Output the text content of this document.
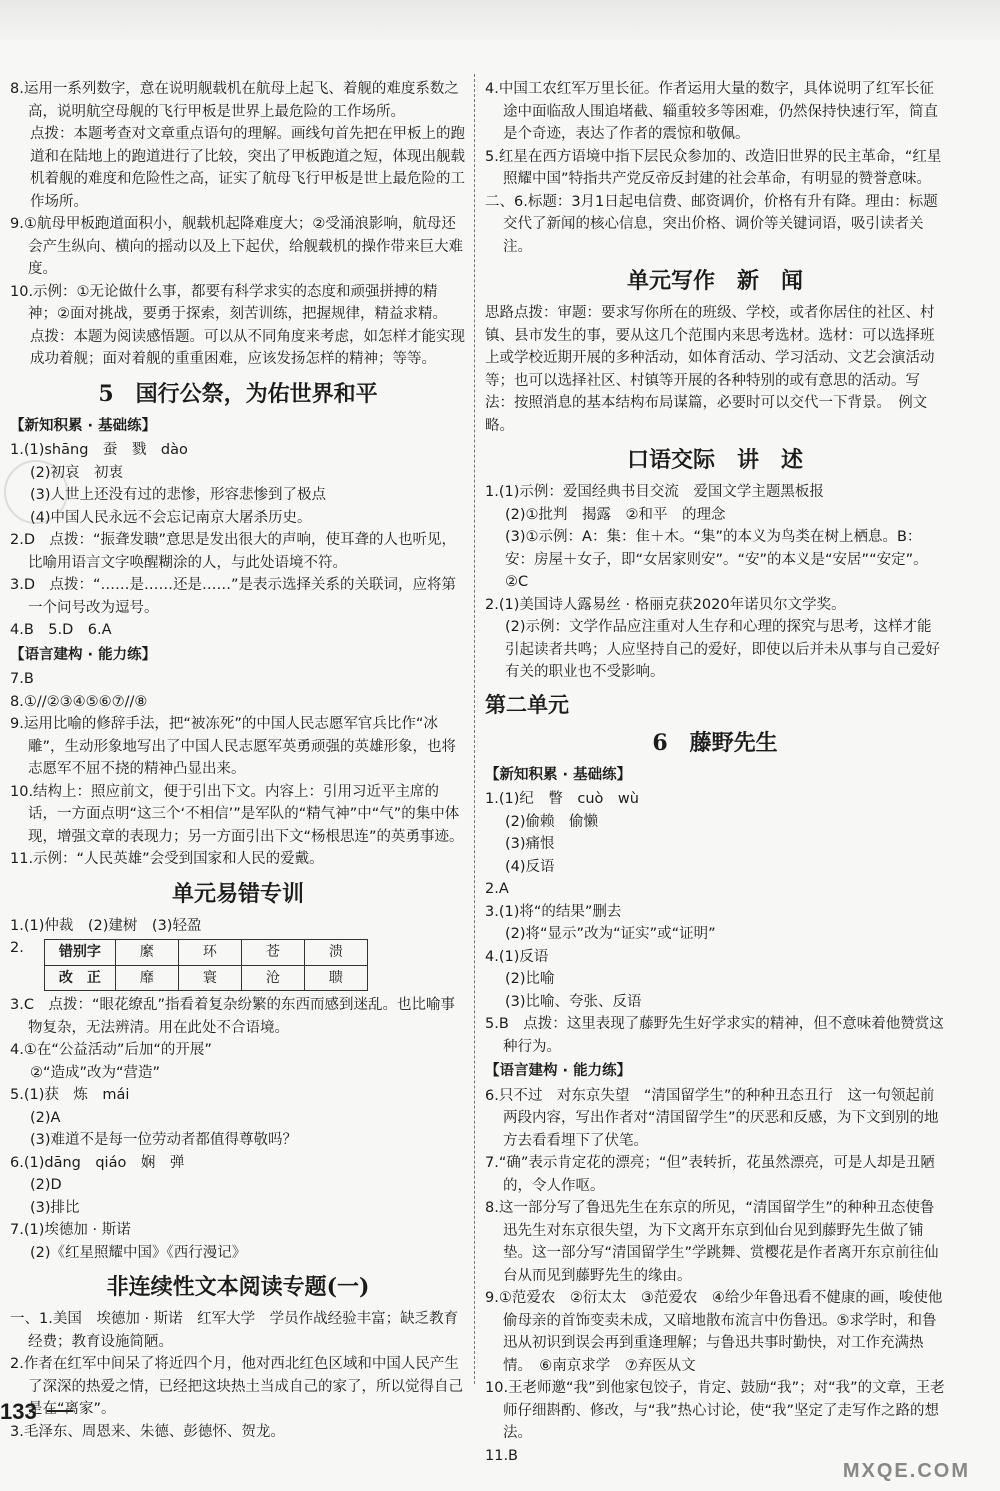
8.运用一系列数字，意在说明舰载机在航母上起飞、着舰的难度系数之高，说明航空母舰的飞行甲板是世界上最危险的工作场所。
点拨：本题考查对文章重点语句的理解。画线句首先把在甲板上的跑道和在陆地上的跑道进行了比较，突出了甲板跑道之短，体现出舰载机着舰的难度和危险性之高，证实了航母飞行甲板是世上最危险的工作场所。
9.①航母甲板跑道面积小，舰载机起降难度大；②受涌浪影响，航母还会产生纵向、横向的摇动以及上下起伏，给舰载机的操作带来巨大难度。
10.示例：①无论做什么事，都要有科学求实的态度和顽强拼搏的精神；②面对挑战，要勇于探索，刻苦训练，把握规律，精益求精。
点拨：本题为阅读感悟题。可以从不同角度来考虑，如怎样才能实现成功着舰；面对着舰的重重困难，应该发扬怎样的精神；等等。
5　国行公祭，为佑世界和平
【新知积累 · 基础练】
1.(1)shāng　蚕　戮　dào
(2)初哀　初衷
(3)人世上还没有过的悲惨，形容悲惨到了极点
(4)中国人民永远不会忘记南京大屠杀历史。
2.D　点拨：“振聋发聩”意思是发出很大的声响，使耳聋的人也听见，比喻用语言文字唤醒糊涂的人，与此处语境不符。
3.D　点拨：“……是……还是……”是表示选择关系的关联词，应将第一个问号改为逗号。
4.B　5.D　6.A
【语言建构 · 能力练】
7.B
8.①//②③④⑤⑥⑦//⑧
9.运用比喻的修辞手法，把“被冻死”的中国人民志愿军官兵比作“冰雕”，生动形象地写出了中国人民志愿军英勇顽强的英雄形象，也将志愿军不屈不挠的精神凸显出来。
10.结构上：照应前文，便于引出下文。内容上：引用习近平主席的话，一方面点明“这三个‘不相信’”是军队的“精气神”中“气”的集中体现，增强文章的表现力；另一方面引出下文“杨根思连”的英勇事迹。
11.示例：“人民英雄”会受到国家和人民的爱戴。
单元易错专训
1.(1)仲裁　(2)建树　(3)轻盈
2.	错别字	縻	环	苍	溃
改　正	靡	寰	沧	聩
3.C　点拨：“眼花缭乱”指看着复杂纷繁的东西而感到迷乱。也比喻事物复杂，无法辨清。用在此处不合语境。
4.①在“公益活动”后加“的开展”
②“造成”改为“营造”
5.(1)获　炼　mái
(2)A
(3)难道不是每一位劳动者都值得尊敬吗？
6.(1)dāng　qiáo　娴　弹
(2)D
(3)排比
7.(1)埃德加 · 斯诺
(2)《红星照耀中国》《西行漫记》
非连续性文本阅读专题(一)
一、1.美国　埃德加 · 斯诺　红军大学　学员作战经验丰富；缺乏教育经费；教育设施简陋。
2.作者在红军中间呆了将近四个月，他对西北红色区域和中国人民产生了深深的热爱之情，已经把这块热土当成自己的家了，所以觉得自己是在“离家”。
3.毛泽东、周恩来、朱德、彭德怀、贺龙。
4.中国工农红军万里长征。作者运用大量的数字，具体说明了红军长征途中面临敌人围追堵截、辎重较多等困难，仍然保持快速行军，简直是个奇迹，表达了作者的震惊和敬佩。
5.红星在西方语境中指下层民众参加的、改造旧世界的民主革命，“红星照耀中国”特指共产党反帝反封建的社会革命，有明显的赞誉意味。
二、6.标题：3月1日起电信费、邮资调价，价格有升有降。理由：标题交代了新闻的核心信息，突出价格、调价等关键词语，吸引读者关注。
单元写作　新　闻
思路点拨：审题：要求写你所在的班级、学校，或者你居住的社区、村镇、县市发生的事，要从这几个范围内来思考选材。选材：可以选择班上或学校近期开展的多种活动，如体育活动、学习活动、文艺会演活动等；也可以选择社区、村镇等开展的各种特别的或有意思的活动。写法：按照消息的基本结构布局谋篇，必要时可以交代一下背景。　例文略。
口语交际　讲　述
1.(1)示例：爱国经典书目交流　爱国文学主题黑板报
(2)①批判　揭露　②和平　的理念
(3)①示例：A：集：隹＋木。“集”的本义为鸟类在树上栖息。B：安：房屋＋女子，即“女居家则安”。“安”的本义是“安居”“安定”。
②C
2.(1)美国诗人露易丝 · 格丽克获2020年诺贝尔文学奖。
(2)示例：文学作品应注重对人生存和心理的探究与思考，这样才能引起读者共鸣；人应坚持自己的爱好，即使以后并未从事与自己爱好有关的职业也不受影响。
第二单元
6　藤野先生
【新知积累 · 基础练】
1.(1)纪　瞥　cuò　wù
(2)偷赖　偷懒
(3)痛恨
(4)反语
2.A
3.(1)将“的结果”删去
(2)将“显示”改为“证实”或“证明”
4.(1)反语
(2)比喻
(3)比喻、夸张、反语
5.B　点拨：这里表现了藤野先生好学求实的精神，但不意味着他赞赏这种行为。
【语言建构 · 能力练】
6.只不过　对东京失望　“清国留学生”的种种丑态丑行　这一句领起前两段内容，写出作者对“清国留学生”的厌恶和反感，为下文到别的地方去看看埋下了伏笔。
7.“确”表示肯定花的漂亮；“但”表转折，花虽然漂亮，可是人却是丑陋的，令人作呕。
8.这一部分写了鲁迅先生在东京的所见，“清国留学生”的种种丑态使鲁迅先生对东京很失望，为下文离开东京到仙台见到藤野先生做了铺垫。这一部分写“清国留学生”学跳舞、赏樱花是作者离开东京前往仙台从而见到藤野先生的缘由。
9.①范爱农　②衍太太　③范爱农　④给少年鲁迅看不健康的画，唆使他偷母亲的首饰变卖未成，又暗地散布流言中伤鲁迅。⑤求学时，和鲁迅从初识到误会再到重逢理解；与鲁迅共事时勤快，对工作充满热情。　⑥南京求学　⑦弃医从文
10.王老师邀“我”到他家包饺子，肯定、鼓励“我”；对“我”的文章，王老师仔细斟酌、修改，与“我”热心讨论，使“我”坚定了走写作之路的想法。
11.B
133
MXQE.COM
